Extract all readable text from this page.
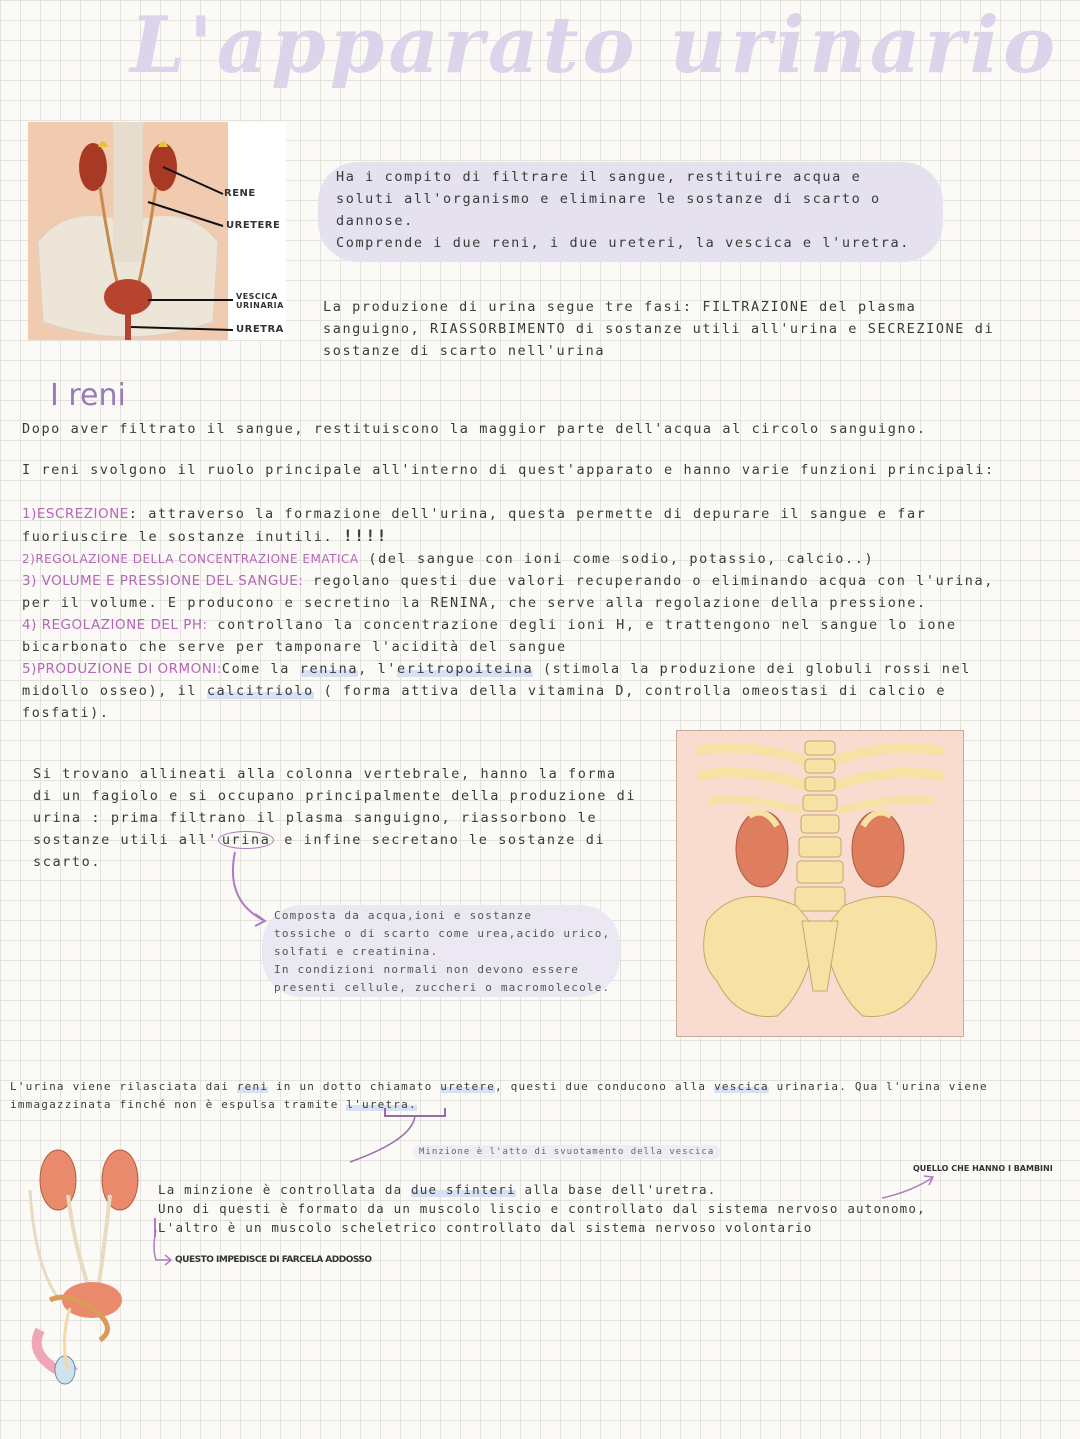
L'apparato urinario
RENE
URETERE
VESCICA URINARIA
URETRA

Ha i compito di filtrare il sangue, restituire acqua e

soluti all'organismo e eliminare le sostanze di scarto o

dannose.

Comprende i due reni, i due ureteri, la vescica e l'uretra.

La produzione di urina segue tre fasi: FILTRAZIONE del plasma

sanguigno, RIASSORBIMENTO di sostanze utili all'urina e SECREZIONE di

sostanze di scarto nell'urina

I reni
Dopo aver filtrato il sangue, restituiscono la maggior parte dell'acqua al circolo sanguigno.
I reni svolgono il ruolo principale all'interno di quest'apparato e hanno varie funzioni principali:

1)ESCREZIONE: attraverso la formazione dell'urina, questa permette di depurare il sangue e far

fuoriuscire le sostanze inutili. !!!!

2)REGOLAZIONE DELLA CONCENTRAZIONE EMATICA (del sangue con ioni come sodio, potassio, calcio..)

3) VOLUME E PRESSIONE DEL SANGUE: regolano questi due valori recuperando o eliminando acqua con l'urina,

per il volume. E producono e secretino la RENINA, che serve alla regolazione della pressione.

4) REGOLAZIONE DEL PH: controllano la concentrazione degli ioni H, e trattengono nel sangue lo ione

bicarbonato che serve per tamponare l'acidità del sangue

5)PRODUZIONE DI ORMONI:Come la renina, l'eritropoiteina (stimola la produzione dei globuli rossi nel

midollo osseo), il calcitriolo ( forma attiva della vitamina D, controlla omeostasi di calcio e

fosfati).

Si trovano allineati alla colonna vertebrale, hanno la forma

di un fagiolo e si occupano principalmente della produzione di

urina : prima filtrano il plasma sanguigno, riassorbono le

sostanze utili all' urina e infine secretano le sostanze di

scarto.

Composta da acqua,ioni e sostanze

tossiche o di scarto come urea,acido urico,

solfati e creatinina.

In condizioni normali non devono essere

presenti cellule, zuccheri o macromolecole.

L'urina viene rilasciata dai reni in un dotto chiamato uretere, questi due conducono alla vescica urinaria. Qua l'urina viene

immagazzinata finché non è espulsa tramite l'uretra.

Minzione è l'atto di svuotamento della vescica
QUELLO CHE HANNO I BAMBINI

La minzione è controllata da due sfinteri alla base dell'uretra.

Uno di questi è formato da un muscolo liscio e controllato dal sistema nervoso autonomo,

L'altro è un muscolo scheletrico controllato dal sistema nervoso volontario

QUESTO IMPEDISCE DI FARCELA ADDOSSO
